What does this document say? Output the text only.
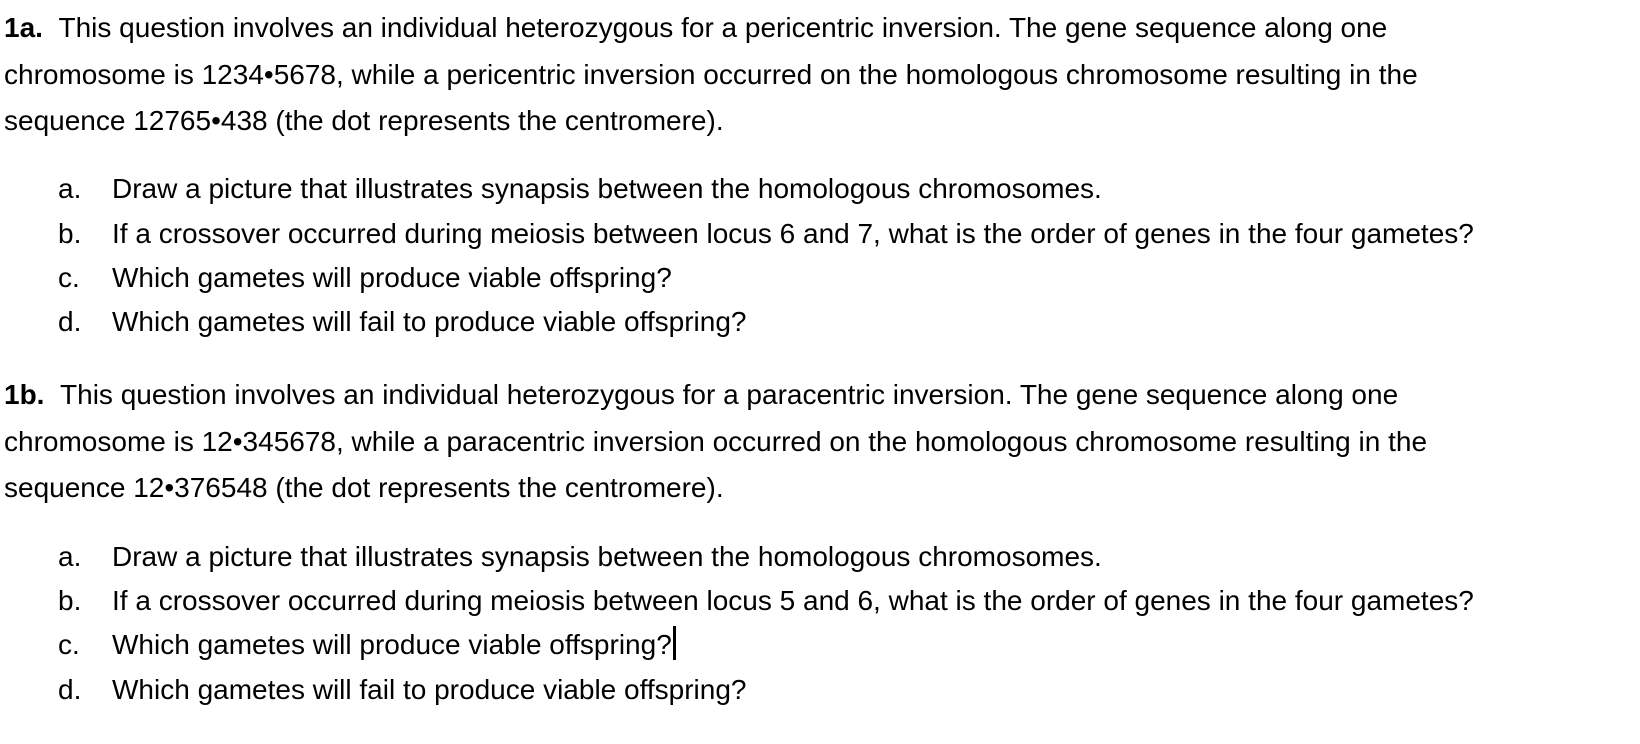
1a. This question involves an individual heterozygous for a pericentric inversion. The gene sequence along one
chromosome is 1234•5678, while a pericentric inversion occurred on the homologous chromosome resulting in the
sequence 12765•438 (the dot represents the centromere).
a. Draw a picture that illustrates synapsis between the homologous chromosomes.
b. If a crossover occurred during meiosis between locus 6 and 7, what is the order of genes in the four gametes?
c. Which gametes will produce viable offspring?
d. Which gametes will fail to produce viable offspring?
1b. This question involves an individual heterozygous for a paracentric inversion. The gene sequence along one
chromosome is 12•345678, while a paracentric inversion occurred on the homologous chromosome resulting in the
sequence 12•376548 (the dot represents the centromere).
a. Draw a picture that illustrates synapsis between the homologous chromosomes.
b. If a crossover occurred during meiosis between locus 5 and 6, what is the order of genes in the four gametes?
c. Which gametes will produce viable offspring?
d. Which gametes will fail to produce viable offspring?
